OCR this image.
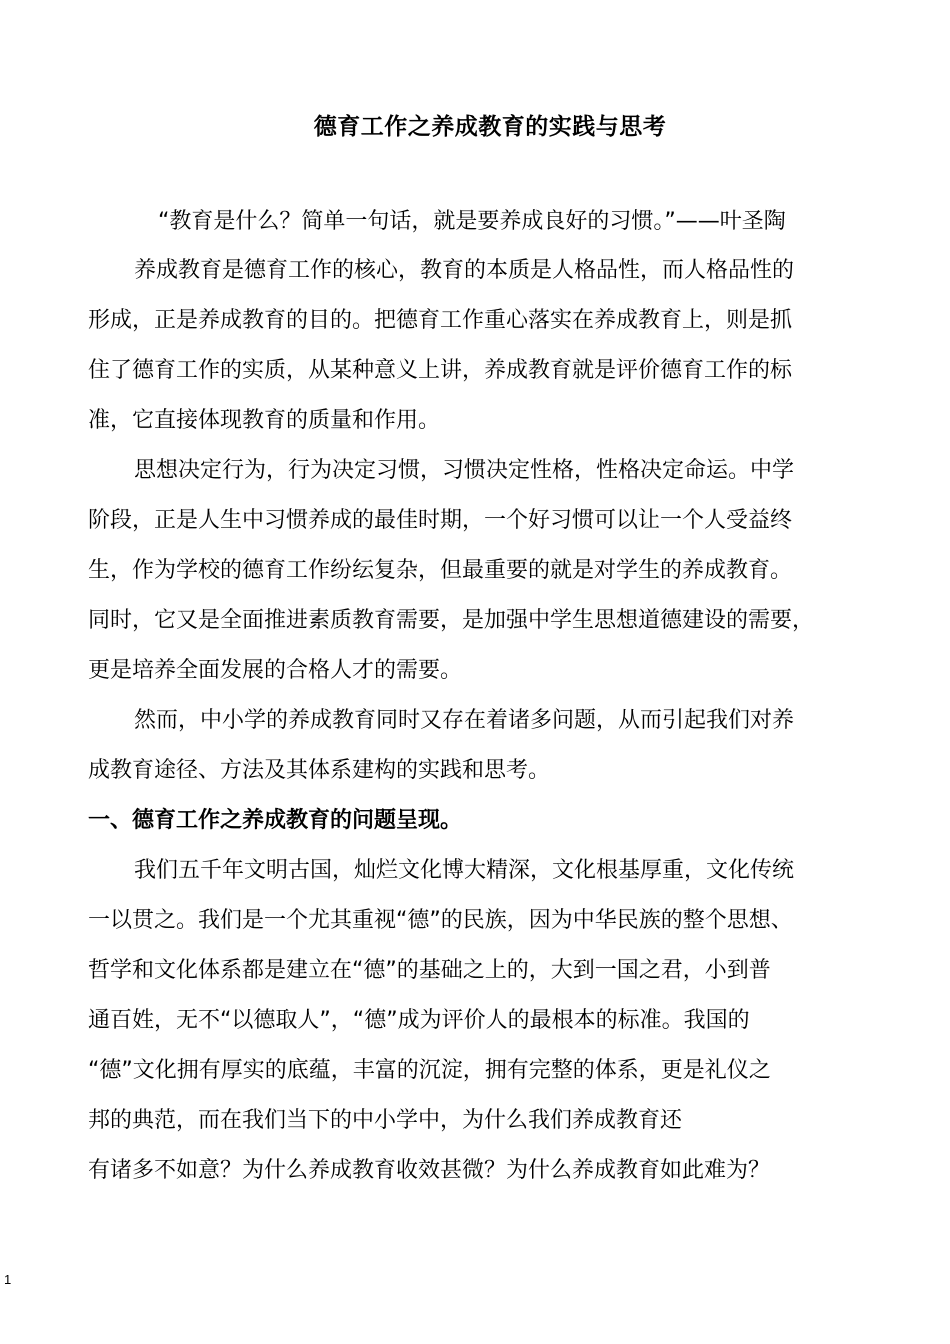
德育工作之养成教育的实践与思考
“教育是什么？简单一句话，就是要养成良好的习惯。”——叶圣陶
养成教育是德育工作的核心，教育的本质是人格品性，而人格品性的
形成，正是养成教育的目的。把德育工作重心落实在养成教育上，则是抓
住了德育工作的实质，从某种意义上讲，养成教育就是评价德育工作的标
准，它直接体现教育的质量和作用。
思想决定行为，行为决定习惯，习惯决定性格，性格决定命运。中学
阶段，正是人生中习惯养成的最佳时期，一个好习惯可以让一个人受益终
生，作为学校的德育工作纷纭复杂，但最重要的就是对学生的养成教育。
同时，它又是全面推进素质教育需要，是加强中学生思想道德建设的需要，
更是培养全面发展的合格人才的需要。
然而，中小学的养成教育同时又存在着诸多问题，从而引起我们对养
成教育途径、方法及其体系建构的实践和思考。
一、德育工作之养成教育的问题呈现。
我们五千年文明古国，灿烂文化博大精深，文化根基厚重，文化传统
一以贯之。我们是一个尤其重视“德”的民族，因为中华民族的整个思想、
哲学和文化体系都是建立在“德”的基础之上的，大到一国之君，小到普
通百姓，无不“以德取人”，“德”成为评价人的最根本的标准。我国的
“德”文化拥有厚实的底蕴，丰富的沉淀，拥有完整的体系，更是礼仪之
邦的典范，而在我们当下的中小学中，为什么我们养成教育还
有诸多不如意？为什么养成教育收效甚微？为什么养成教育如此难为？
1
